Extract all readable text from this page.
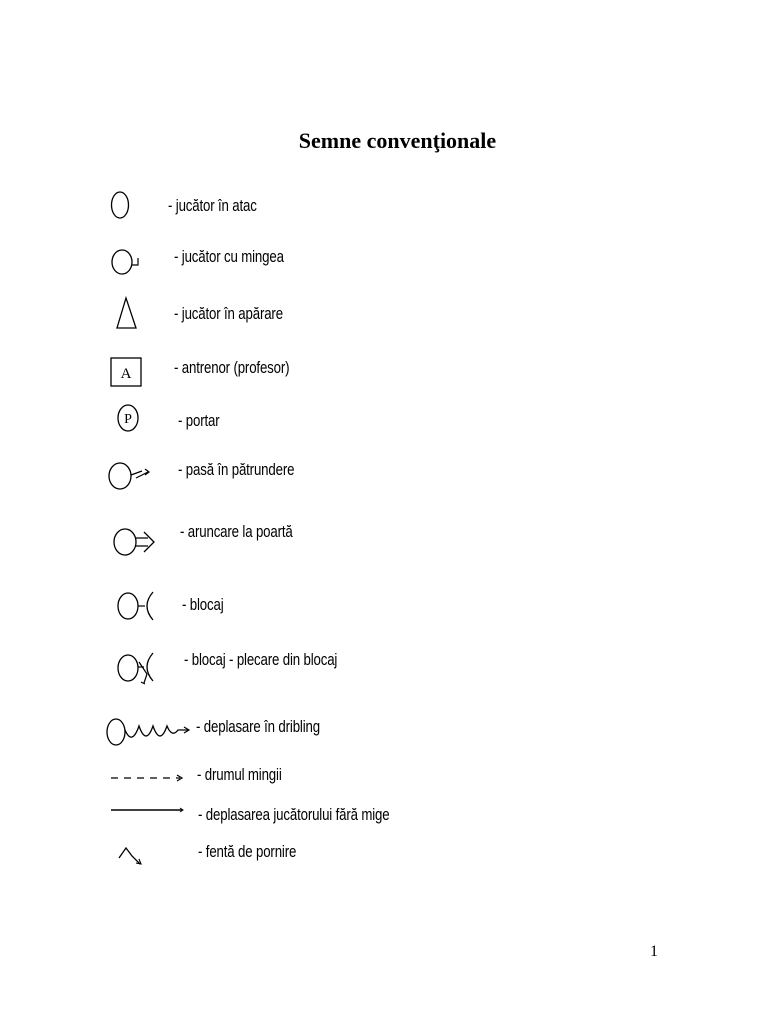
Semne convenţionale
- jucător în atac
- jucător cu mingea
- jucător în apărare
A	- antrenor (profesor)
P	- portar
- pasă în pătrundere
- aruncare la poartă
- blocaj
- blocaj - plecare din blocaj
- deplasare în dribling
- drumul mingii
- deplasarea jucătorului fără mige
- fentă de pornire
1
